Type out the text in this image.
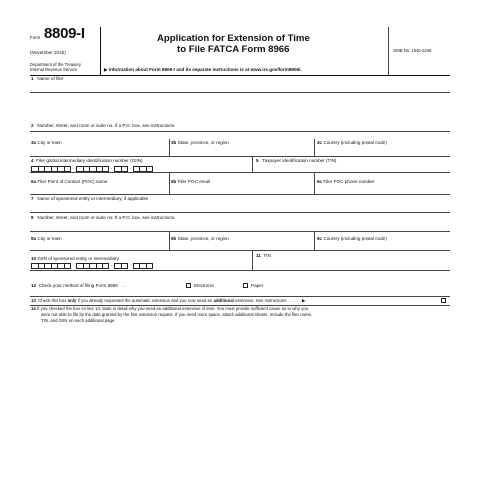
Form 8809-I
(November 2015)
Department of the Treasury
Internal Revenue Service
Application for Extension of Time
to File FATCA Form 8966
▶ Information about Form 8809-I and its separate instructions is at www.irs.gov/form8809i.
OMB No. 1545-2246
1 Name of filer
2 Number, street, and room or suite no. If a P.O. box, see instructions.
3a City or town	3b State, province, or region	3c Country (including postal code)
4 Filer global intermediary identification number (GIIN)
.	.	.
5 Taxpayer identification number (TIN)
6a Filer Point of Contact (POC) name	6b Filer POC email	6c Filer POC phone number
7 Name of sponsored entity or intermediary, if applicable
8 Number, street, and room or suite no. If a P.O. box, see instructions.
9a City or town	9b State, province, or region	9c Country (including postal code)
10 GIIN of sponsored entity or intermediary
.	.	.
11 TIN
12 Check your method of filing Form 8966 . .	Electronic	Paper
13 Check this box only if you already requested the automatic extension and you now need an additional extension. See instructions . . . . . ▶
14 If you checked the box on line 13, state in detail why you need an additional extension of time. You must provide sufficient cause as to why you
were not able to file by the date granted by the first extension request. If you need more space, attach additional sheets. Include the filer name,
TIN, and GIIN on each additional page.
